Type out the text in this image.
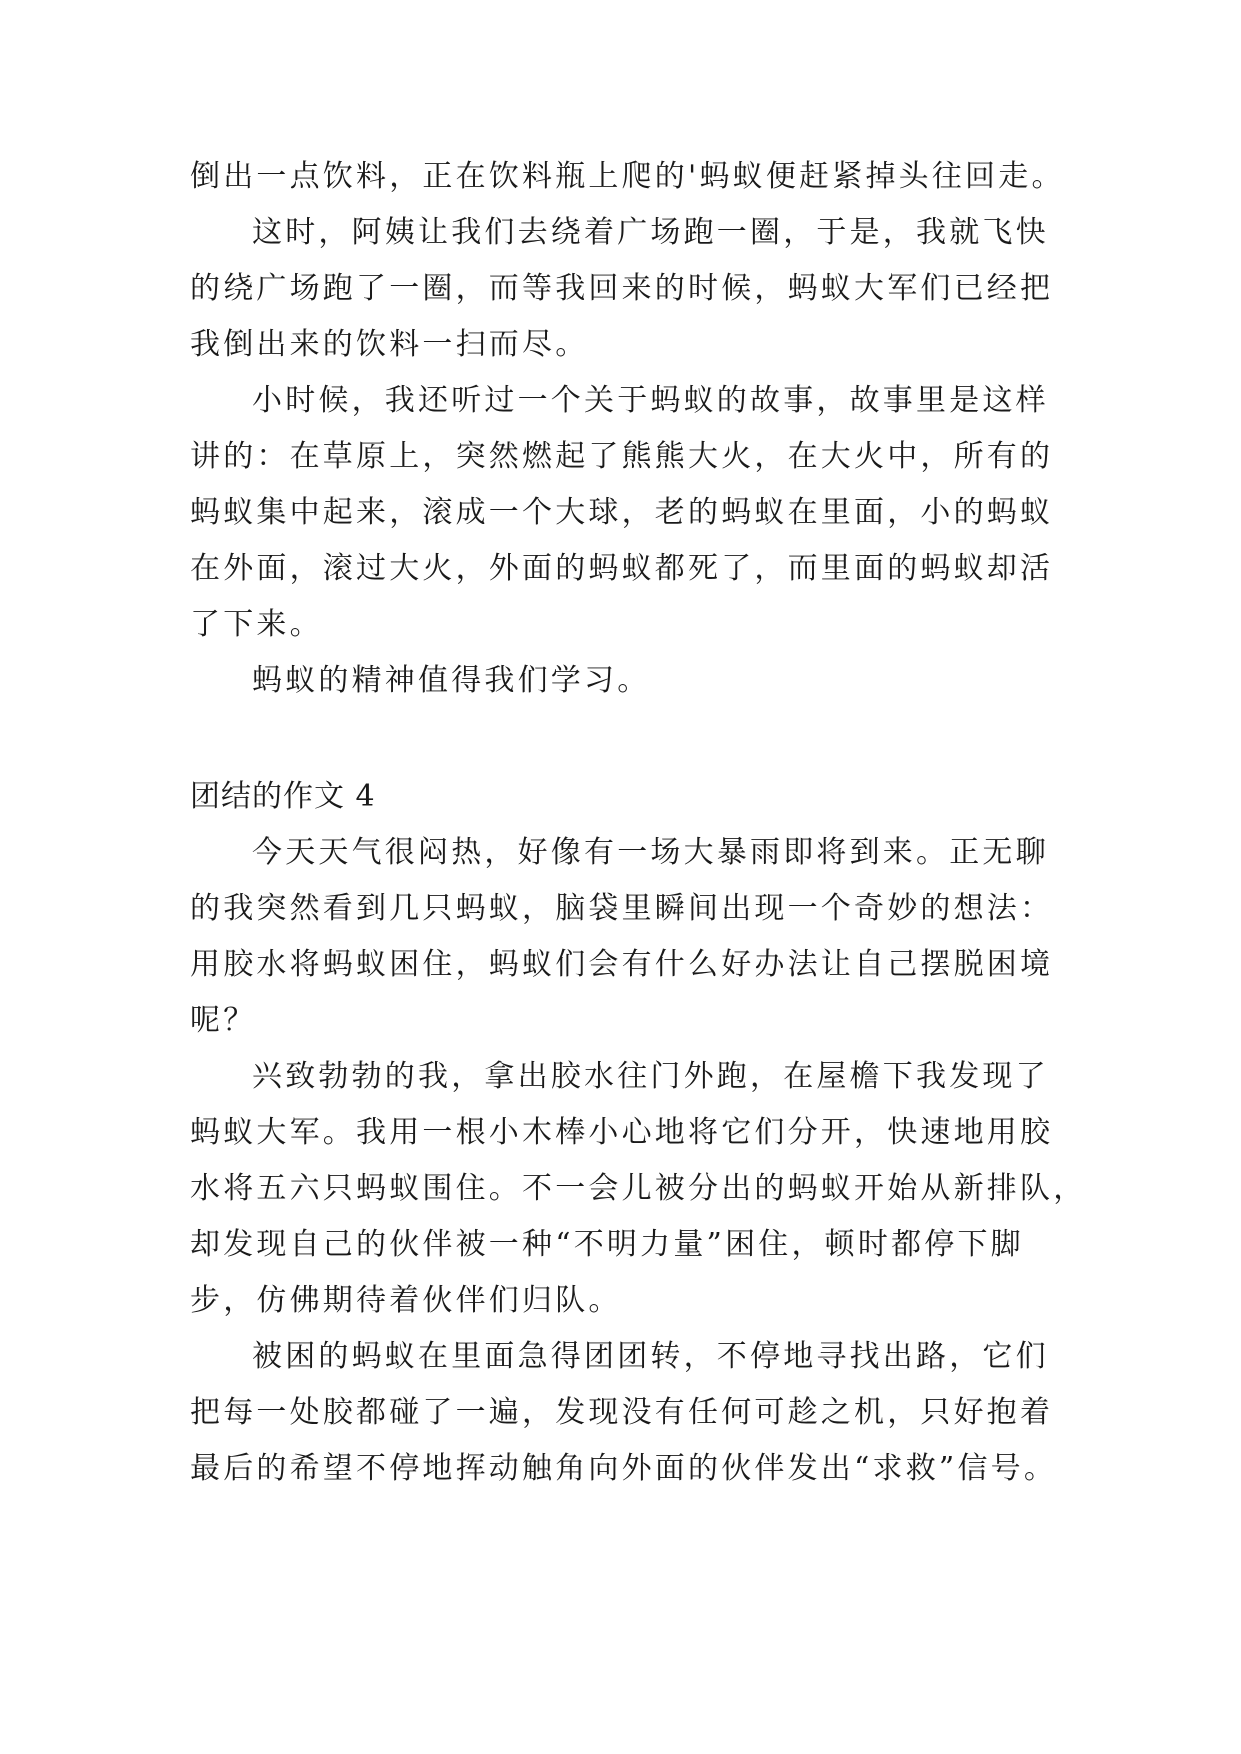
倒出一点饮料，正在饮料瓶上爬的'蚂蚁便赶紧掉头往回走。
这时，阿姨让我们去绕着广场跑一圈，于是，我就飞快
的绕广场跑了一圈，而等我回来的时候，蚂蚁大军们已经把
我倒出来的饮料一扫而尽。
小时候，我还听过一个关于蚂蚁的故事，故事里是这样
讲的：在草原上，突然燃起了熊熊大火，在大火中，所有的
蚂蚁集中起来，滚成一个大球，老的蚂蚁在里面，小的蚂蚁
在外面，滚过大火，外面的蚂蚁都死了，而里面的蚂蚁却活
了下来。
蚂蚁的精神值得我们学习。
团结的作文 4
今天天气很闷热，好像有一场大暴雨即将到来。正无聊
的我突然看到几只蚂蚁，脑袋里瞬间出现一个奇妙的想法：
用胶水将蚂蚁困住，蚂蚁们会有什么好办法让自己摆脱困境
呢？
兴致勃勃的我，拿出胶水往门外跑，在屋檐下我发现了
蚂蚁大军。我用一根小木棒小心地将它们分开，快速地用胶
水将五六只蚂蚁围住。不一会儿被分出的蚂蚁开始从新排队，
却发现自己的伙伴被一种“不明力量”困住，顿时都停下脚
步，仿佛期待着伙伴们归队。
被困的蚂蚁在里面急得团团转，不停地寻找出路，它们
把每一处胶都碰了一遍，发现没有任何可趁之机，只好抱着
最后的希望不停地挥动触角向外面的伙伴发出“求救”信号。
